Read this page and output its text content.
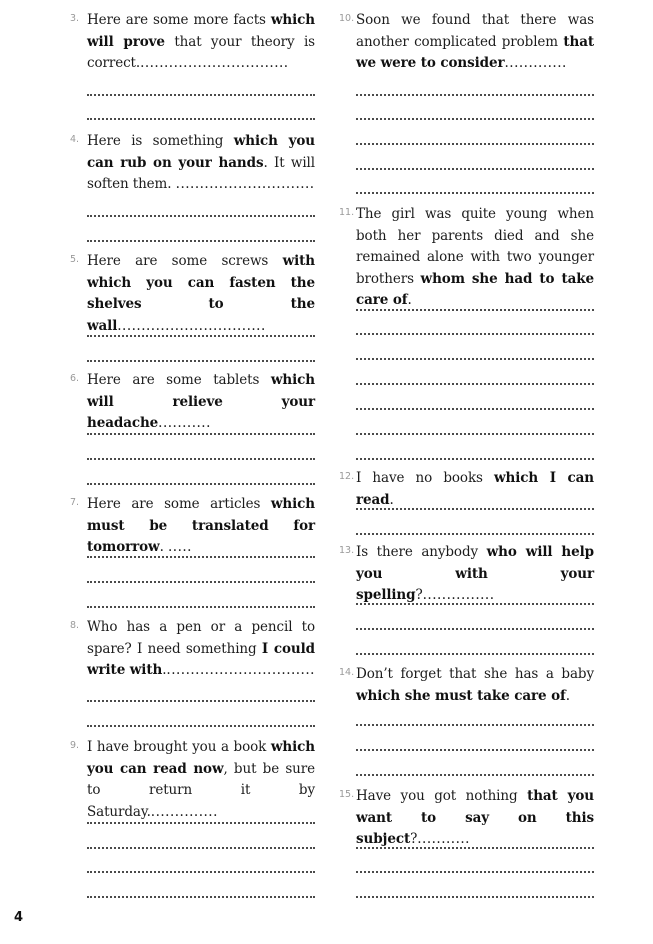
3. Here are some more facts which will prove that your theory is correct................................
4. Here is something which you can rub on your hands. It will soften them. .............................
5. Here are some screws with which you can fasten the shelves to the wall...............................
6. Here are some tablets which will relieve your headache...........
7. Here are some articles which must be translated for tomorrow. .....
8. Who has a pen or a pencil to spare? I need something I could write with................................
9. I have brought you a book which you can read now, but be sure to return it by Saturday...............
10. Soon we found that there was another complicated problem that we were to consider.............
11. The girl was quite young when both her parents died and she remained alone with two younger brothers whom she had to take care of.
12. I have no books which I can read.
13. Is there anybody who will help you with your spelling?...............
14. Don’t forget that she has a baby which she must take care of.
15. Have you got nothing that you want to say on this subject?...........
4
